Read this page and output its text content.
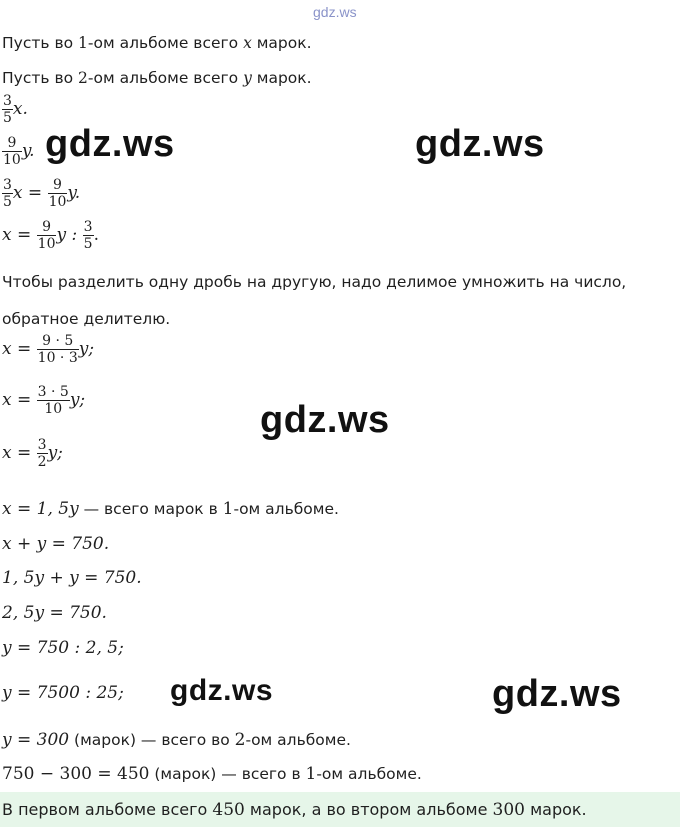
gdz.ws
Пусть во 1-ом альбоме всего x марок.
Пусть во 2-ом альбоме всего y марок.
$\frac{3}{5} x$.
$\frac{9}{10} y$.
$\frac{3}{5}$ $x = \frac{9}{10} y$.
$x = \frac{9}{10}$ y : $\frac{3}{5}$ .
Чтобы разделить одну дробь на другую, надо делимое умножить на число,
обратное делителю.
$x = \frac{9 \cdot 5}{10 \cdot 3} y$;
$x = \frac{3 \cdot 5}{10} y$;
$x = \frac{3}{2} y$;
x = 1, 5y — всего марок в 1-ом альбоме.
x + y = 750.
1, 5y + y = 750.
2, 5y = 750.
y = 750 : 2, 5;
y = 7500 : 25;
y = 300 (марок) — всего во 2-ом альбоме.
750 − 300 = 450 (марок) — всего в 1-ом альбоме.
В первом альбоме всего 450 марок, а во втором альбоме 300 марок.
gdz.ws	gdz.ws
gdz.ws
gdz.ws	gdz.ws
